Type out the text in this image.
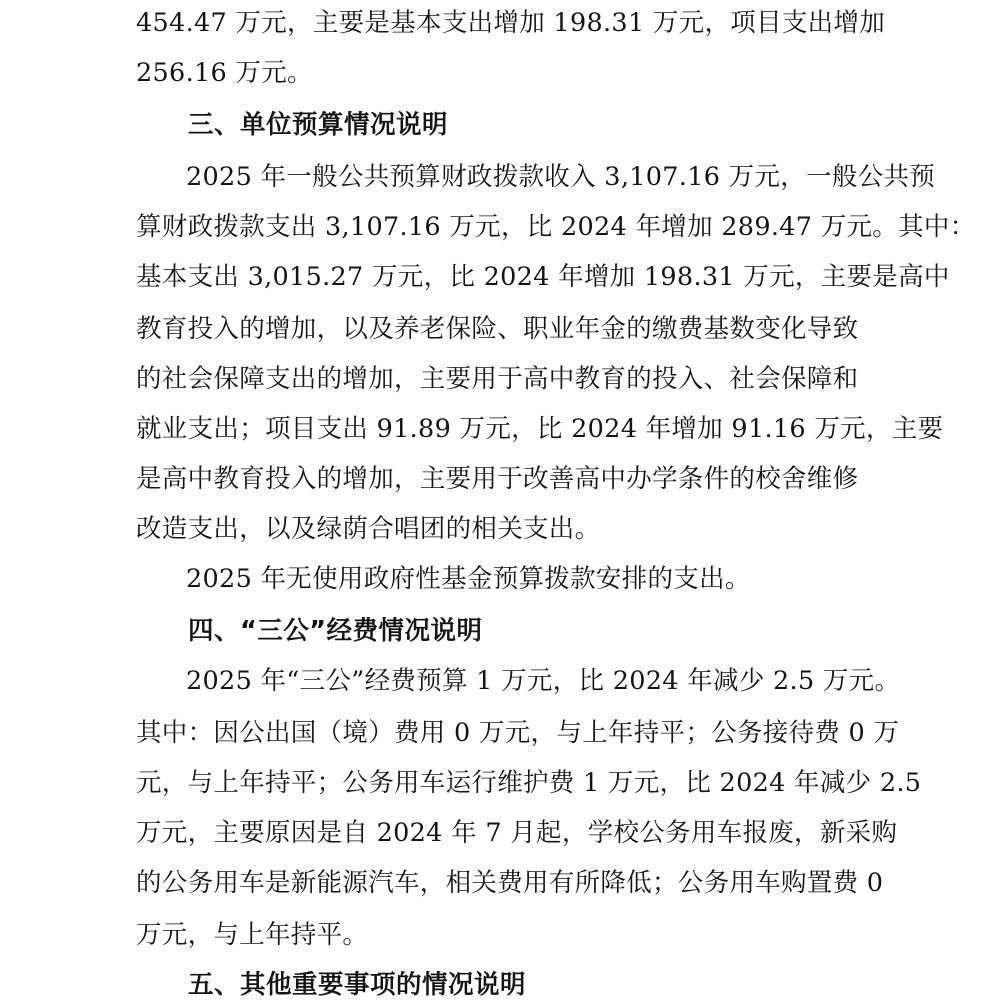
454.47 万元，主要是基本支出增加 198.31 万元，项目支出增加
256.16 万元。
三、单位预算情况说明
2025 年一般公共预算财政拨款收入 3,107.16 万元，一般公共预
算财政拨款支出 3,107.16 万元，比 2024 年增加 289.47 万元。其中：
基本支出 3,015.27 万元，比 2024 年增加 198.31 万元，主要是高中
教育投入的增加，以及养老保险、职业年金的缴费基数变化导致
的社会保障支出的增加，主要用于高中教育的投入、社会保障和
就业支出；项目支出 91.89 万元，比 2024 年增加 91.16 万元，主要
是高中教育投入的增加，主要用于改善高中办学条件的校舍维修
改造支出，以及绿荫合唱团的相关支出。
2025 年无使用政府性基金预算拨款安排的支出。
四、“三公”经费情况说明
2025 年“三公”经费预算 1 万元，比 2024 年减少 2.5 万元。
其中：因公出国（境）费用 0 万元，与上年持平；公务接待费 0 万
元，与上年持平；公务用车运行维护费 1 万元，比 2024 年减少 2.5
万元，主要原因是自 2024 年 7 月起，学校公务用车报废，新采购
的公务用车是新能源汽车，相关费用有所降低；公务用车购置费 0
万元，与上年持平。
五、其他重要事项的情况说明
